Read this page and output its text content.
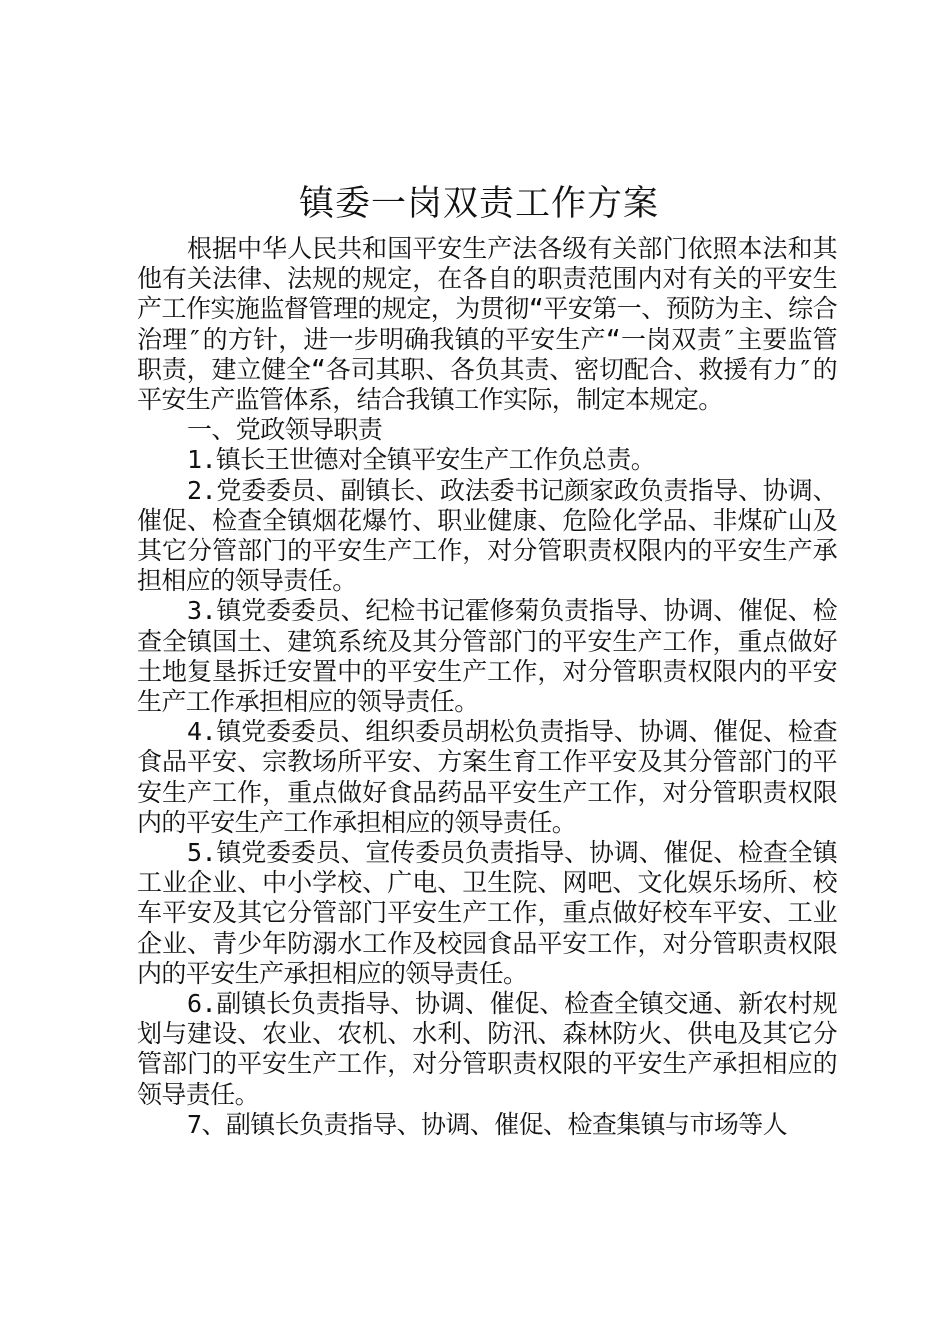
镇委一岗双责工作方案

根据中华人民共和国平安生产法各级有关部门依照本法和其他有关法律、法规的规定，在各自的职责范围内对有关的平安生产工作实施监督管理的规定，为贯彻“平安第一、预防为主、综合治理″的方针，进一步明确我镇的平安生产“一岗双责″主要监管职责，建立健全“各司其职、各负其责、密切配合、救援有力″的平安生产监管体系，结合我镇工作实际，制定本规定。

一、党政领导职责

1.镇长王世德对全镇平安生产工作负总责。

2.党委委员、副镇长、政法委书记颜家政负责指导、协调、催促、检查全镇烟花爆竹、职业健康、危险化学品、非煤矿山及其它分管部门的平安生产工作，对分管职责权限内的平安生产承担相应的领导责任。

3.镇党委委员、纪检书记霍修菊负责指导、协调、催促、检查全镇国土、建筑系统及其分管部门的平安生产工作，重点做好土地复垦拆迁安置中的平安生产工作，对分管职责权限内的平安生产工作承担相应的领导责任。

4.镇党委委员、组织委员胡松负责指导、协调、催促、检查食品平安、宗教场所平安、方案生育工作平安及其分管部门的平安生产工作，重点做好食品药品平安生产工作，对分管职责权限内的平安生产工作承担相应的领导责任。

5.镇党委委员、宣传委员负责指导、协调、催促、检查全镇工业企业、中小学校、广电、卫生院、网吧、文化娱乐场所、校车平安及其它分管部门平安生产工作，重点做好校车平安、工业企业、青少年防溺水工作及校园食品平安工作，对分管职责权限内的平安生产承担相应的领导责任。

6.副镇长负责指导、协调、催促、检查全镇交通、新农村规划与建设、农业、农机、水利、防汛、森林防火、供电及其它分管部门的平安生产工作，对分管职责权限的平安生产承担相应的领导责任。

7、副镇长负责指导、协调、催促、检查集镇与市场等人
